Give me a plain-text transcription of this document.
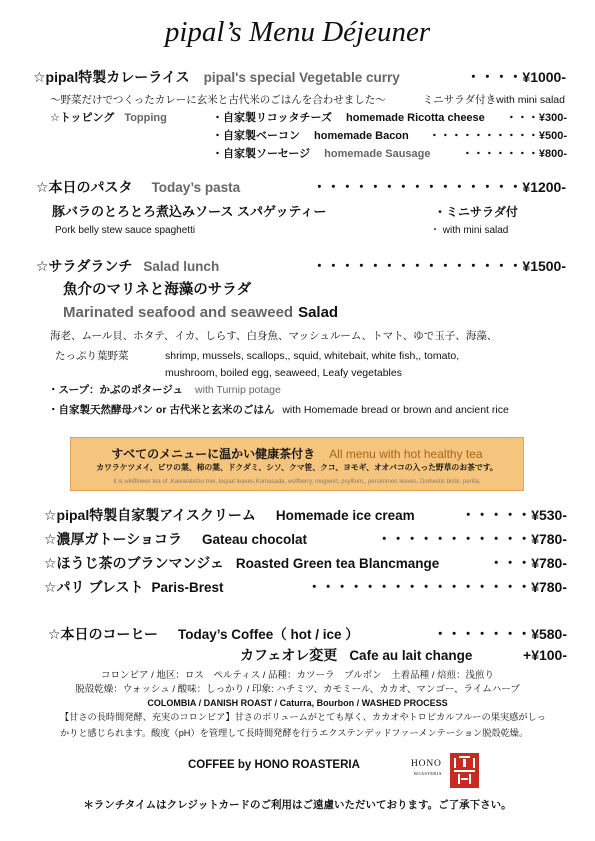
pipal’s Menu Déjeuner
☆pipal特製カレーライス pipal's special Vegetable curry	・・・・ ¥1000-
〜野菜だけでつくったカレーに玄米と古代米のごはんを合わせました〜	ミニサラダ付きwith mini salad
☆トッピング Topping	・自家製リコッタチーズ homemade Ricotta cheese	・・・ ¥300-
・自家製ベーコン homemade Bacon	・・・・・・・・・・ ¥500-
・自家製ソーセージ homemade Sausage	・・・・・・・ ¥800-
☆本日のパスタ Today’s pasta	・・・・・・・・・・・・・・・ ¥1200-
豚バラのとろとろ煮込みソース スパゲッティー	・ミニサラダ付
Pork belly stew sauce spaghetti	・ with mini salad
☆サラダランチ Salad lunch	・・・・・・・・・・・・・・・ ¥1500-
魚介のマリネと海藻のサラダ
Marinated seafood and seaweed Salad
海老、ムール貝、ホタテ、イカ、しらす、白身魚、マッシュルーム、トマト、ゆで玉子、海藻、
たっぷり葉野菜	shrimp, mussels, scallops,, squid, whitebait, white fish,, tomato,
mushroom, boiled egg, seaweed, Leafy vegetables
・スープ：かぶのポタージュ with Turnip potage
・自家製天然酵母パン or 古代米と玄米のごはん with Homemade bread or brown and ancient rice
すべてのメニューに温かい健康茶付き All menu with hot healthy tea
カワラケツメイ、ビワの葉、柿の葉、ドクダミ、シソ、クマ笹、クコ、ヨモギ、オオバコの入った野草のお茶です。
It is wildflower tea of ,Kawaratetsu mei, loquat leaves,Kumasada, wolfberry, mugwort, psyllium,, persimmon leaves, Domestic birds, perilla,
☆pipal特製自家製アイスクリーム Homemade ice cream	・・・・・ ¥530-
☆濃厚ガトーショコラ Gateau chocolat	・・・・・・・・・・・ ¥780-
☆ほうじ茶のブランマンジェ Roasted Green tea Blancmange	・・・ ¥780-
☆パリ ブレスト Paris-Brest	・・・・・・・・・・・・・・・・ ¥780-
☆本日のコーヒー Today’s Coffee（ hot / ice ）	・・・・・・・ ¥580-
カフェオレ変更 Cafe au lait change	+¥100-
コロンビア / 地区：ロス　ペルティス / 品種：カツーラ　ブルボン　土着品種 / 焙煎：浅煎り
脱殻乾燥：ウォッシュ / 酸味：しっかり / 印象: ハチミツ、カモミール、カカオ、マンゴー、ライムハーブ
COLOMBIA / DANISH ROAST / Caturra, Bourbon / WASHED PROCESS
【甘さの長時間発酵、充実のコロンビア】甘さのボリュームがとても厚く、カカオやトロピカルフルーの果実感がしっ
かりと感じられます。酸度（pH）を管理して長時間発酵を行うエクステンデッドファーメンテーション脱殻乾燥。
COFFEE by HONO ROASTERIA	HONO
ROASTERIA
＊ランチタイムはクレジットカードのご利用はご遠慮いただいております。ご了承下さい。
